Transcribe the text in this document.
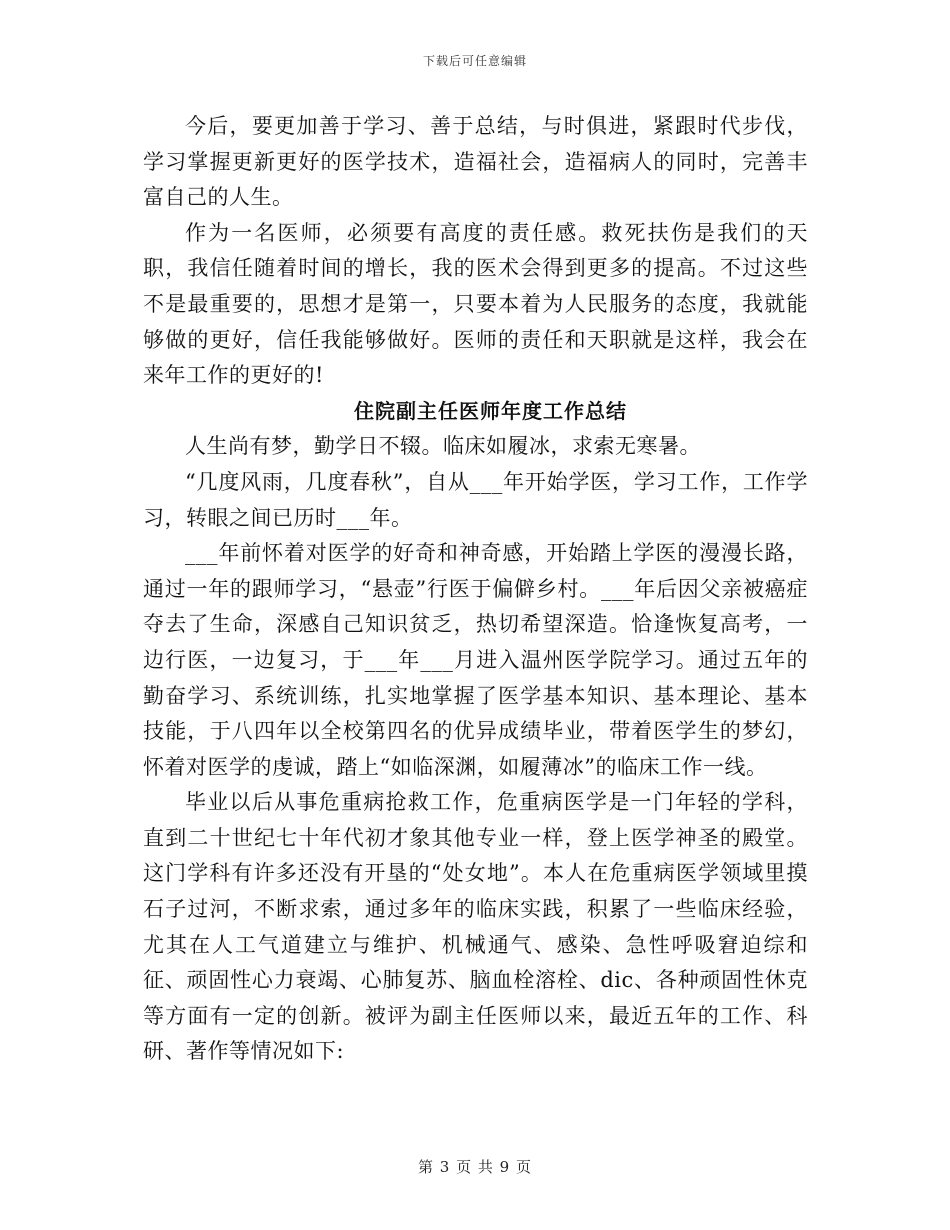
下载后可任意编辑

今后，要更加善于学习、善于总结，与时俱进，紧跟时代步伐，学习掌握更新更好的医学技术，造福社会，造福病人的同时，完善丰富自己的人生。

作为一名医师，必须要有高度的责任感。救死扶伤是我们的天职，我信任随着时间的增长，我的医术会得到更多的提高。不过这些不是最重要的，思想才是第一，只要本着为人民服务的态度，我就能够做的更好，信任我能够做好。医师的责任和天职就是这样，我会在来年工作的更好的!

住院副主任医师年度工作总结

人生尚有梦，勤学日不辍。临床如履冰，求索无寒暑。

“几度风雨，几度春秋”，自从___年开始学医，学习工作，工作学习，转眼之间已历时___年。

___年前怀着对医学的好奇和神奇感，开始踏上学医的漫漫长路，通过一年的跟师学习，“悬壶”行医于偏僻乡村。___年后因父亲被癌症夺去了生命，深感自己知识贫乏，热切希望深造。恰逢恢复高考，一边行医，一边复习，于___年___月进入温州医学院学习。通过五年的勤奋学习、系统训练，扎实地掌握了医学基本知识、基本理论、基本技能，于八四年以全校第四名的优异成绩毕业，带着医学生的梦幻，怀着对医学的虔诚，踏上“如临深渊，如履薄冰”的临床工作一线。

毕业以后从事危重病抢救工作，危重病医学是一门年轻的学科，直到二十世纪七十年代初才象其他专业一样，登上医学神圣的殿堂。这门学科有许多还没有开垦的“处女地”。本人在危重病医学领域里摸石子过河，不断求索，通过多年的临床实践，积累了一些临床经验，尤其在人工气道建立与维护、机械通气、感染、急性呼吸窘迫综和征、顽固性心力衰竭、心肺复苏、脑血栓溶栓、dic、各种顽固性休克等方面有一定的创新。被评为副主任医师以来，最近五年的工作、科研、著作等情况如下:

第 3 页 共 9 页
